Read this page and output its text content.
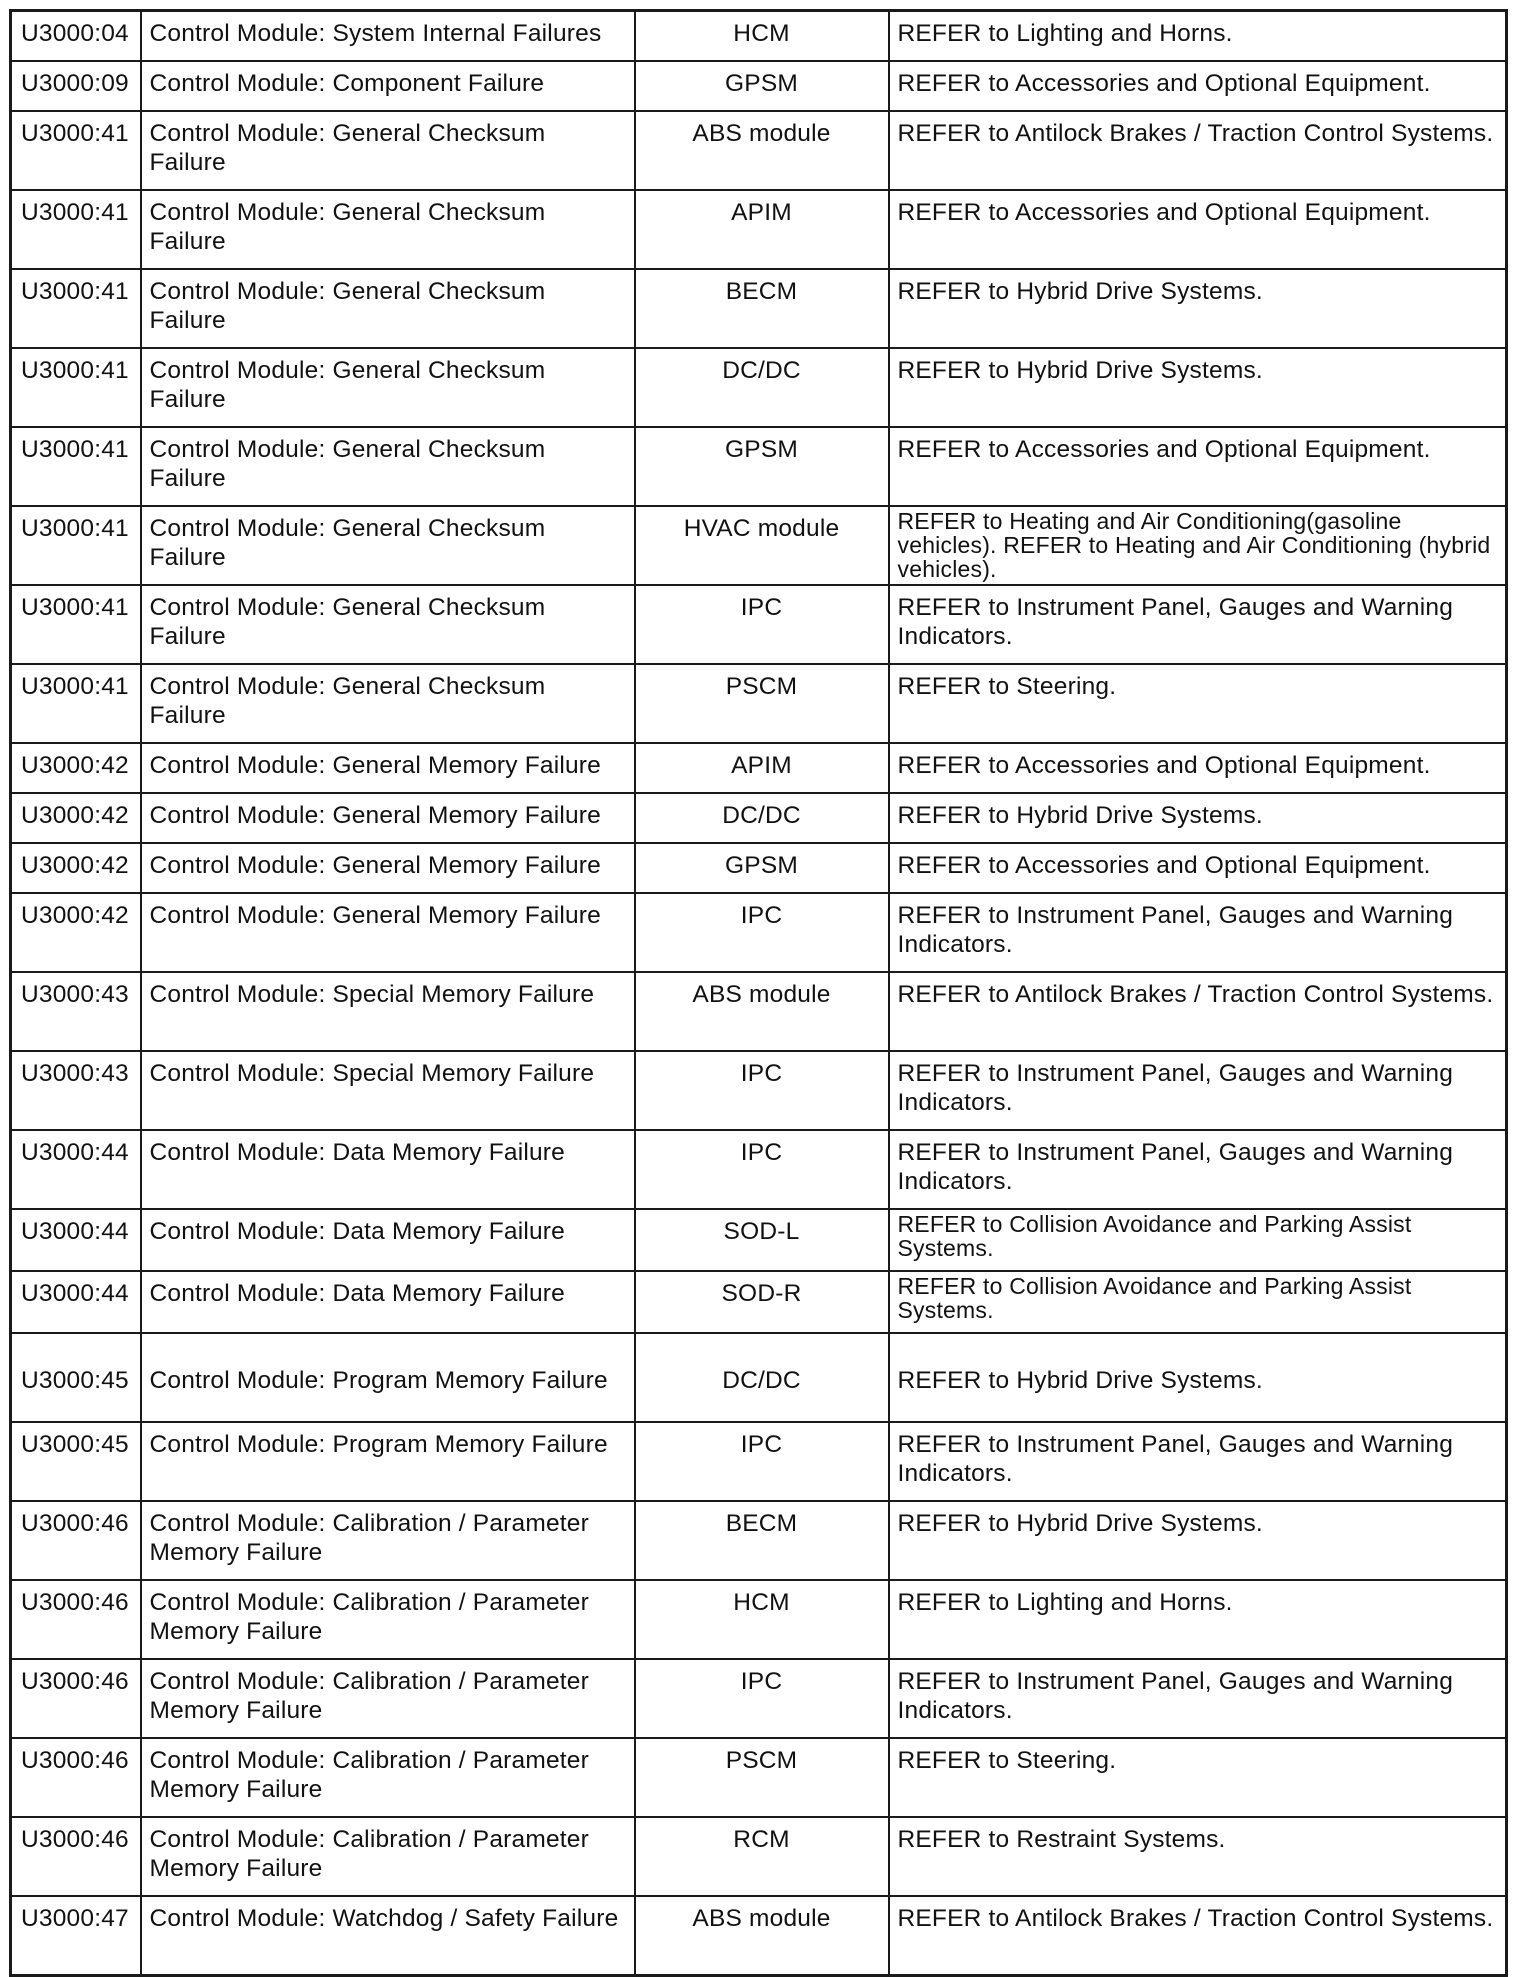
U3000:04	Control Module: System Internal Failures	HCM	REFER to Lighting and Horns.
U3000:09	Control Module: Component Failure	GPSM	REFER to Accessories and Optional Equipment.
U3000:41	Control Module: General Checksum Failure	ABS module	REFER to Antilock Brakes / Traction Control Systems.
U3000:41	Control Module: General Checksum Failure	APIM	REFER to Accessories and Optional Equipment.
U3000:41	Control Module: General Checksum Failure	BECM	REFER to Hybrid Drive Systems.
U3000:41	Control Module: General Checksum Failure	DC/DC	REFER to Hybrid Drive Systems.
U3000:41	Control Module: General Checksum Failure	GPSM	REFER to Accessories and Optional Equipment.
U3000:41	Control Module: General Checksum Failure	HVAC module	REFER to Heating and Air Conditioning(gasoline vehicles). REFER to Heating and Air Conditioning (hybrid vehicles).
U3000:41	Control Module: General Checksum Failure	IPC	REFER to Instrument Panel, Gauges and Warning Indicators.
U3000:41	Control Module: General Checksum Failure	PSCM	REFER to Steering.
U3000:42	Control Module: General Memory Failure	APIM	REFER to Accessories and Optional Equipment.
U3000:42	Control Module: General Memory Failure	DC/DC	REFER to Hybrid Drive Systems.
U3000:42	Control Module: General Memory Failure	GPSM	REFER to Accessories and Optional Equipment.
U3000:42	Control Module: General Memory Failure	IPC	REFER to Instrument Panel, Gauges and Warning Indicators.
U3000:43	Control Module: Special Memory Failure	ABS module	REFER to Antilock Brakes / Traction Control Systems.
U3000:43	Control Module: Special Memory Failure	IPC	REFER to Instrument Panel, Gauges and Warning Indicators.
U3000:44	Control Module: Data Memory Failure	IPC	REFER to Instrument Panel, Gauges and Warning Indicators.
U3000:44	Control Module: Data Memory Failure	SOD-L	REFER to Collision Avoidance and Parking Assist Systems.
U3000:44	Control Module: Data Memory Failure	SOD-R	REFER to Collision Avoidance and Parking Assist Systems.
U3000:45	Control Module: Program Memory Failure	DC/DC	REFER to Hybrid Drive Systems.
U3000:45	Control Module: Program Memory Failure	IPC	REFER to Instrument Panel, Gauges and Warning Indicators.
U3000:46	Control Module: Calibration / Parameter Memory Failure	BECM	REFER to Hybrid Drive Systems.
U3000:46	Control Module: Calibration / Parameter Memory Failure	HCM	REFER to Lighting and Horns.
U3000:46	Control Module: Calibration / Parameter Memory Failure	IPC	REFER to Instrument Panel, Gauges and Warning Indicators.
U3000:46	Control Module: Calibration / Parameter Memory Failure	PSCM	REFER to Steering.
U3000:46	Control Module: Calibration / Parameter Memory Failure	RCM	REFER to Restraint Systems.
U3000:47	Control Module: Watchdog / Safety Failure	ABS module	REFER to Antilock Brakes / Traction Control Systems.
